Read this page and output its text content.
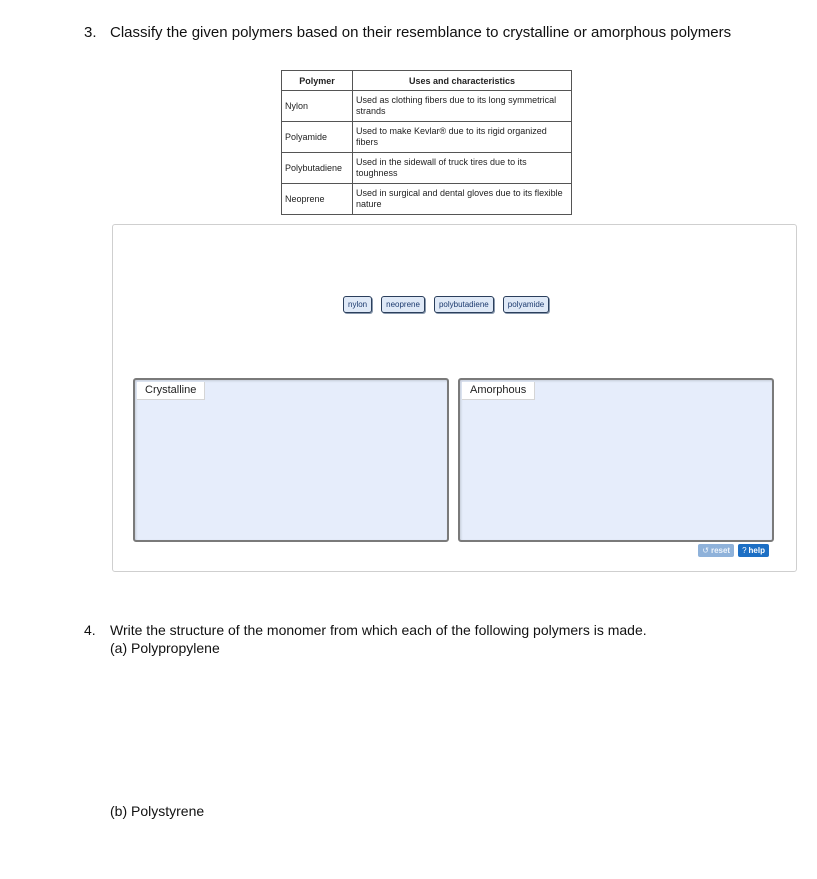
3. Classify the given polymers based on their resemblance to crystalline or amorphous polymers
Polymer	Uses and characteristics
Nylon	Used as clothing fibers due to its long symmetrical strands
Polyamide	Used to make Kevlar® due to its rigid organized fibers
Polybutadiene	Used in the sidewall of truck tires due to its toughness
Neoprene	Used in surgical and dental gloves due to its flexible nature
nylon	neoprene	polybutadiene	polyamide
Crystalline	Amorphous
↺ reset	? help
4. Write the structure of the monomer from which each of the following polymers is made.
(a) Polypropylene
(b) Polystyrene
